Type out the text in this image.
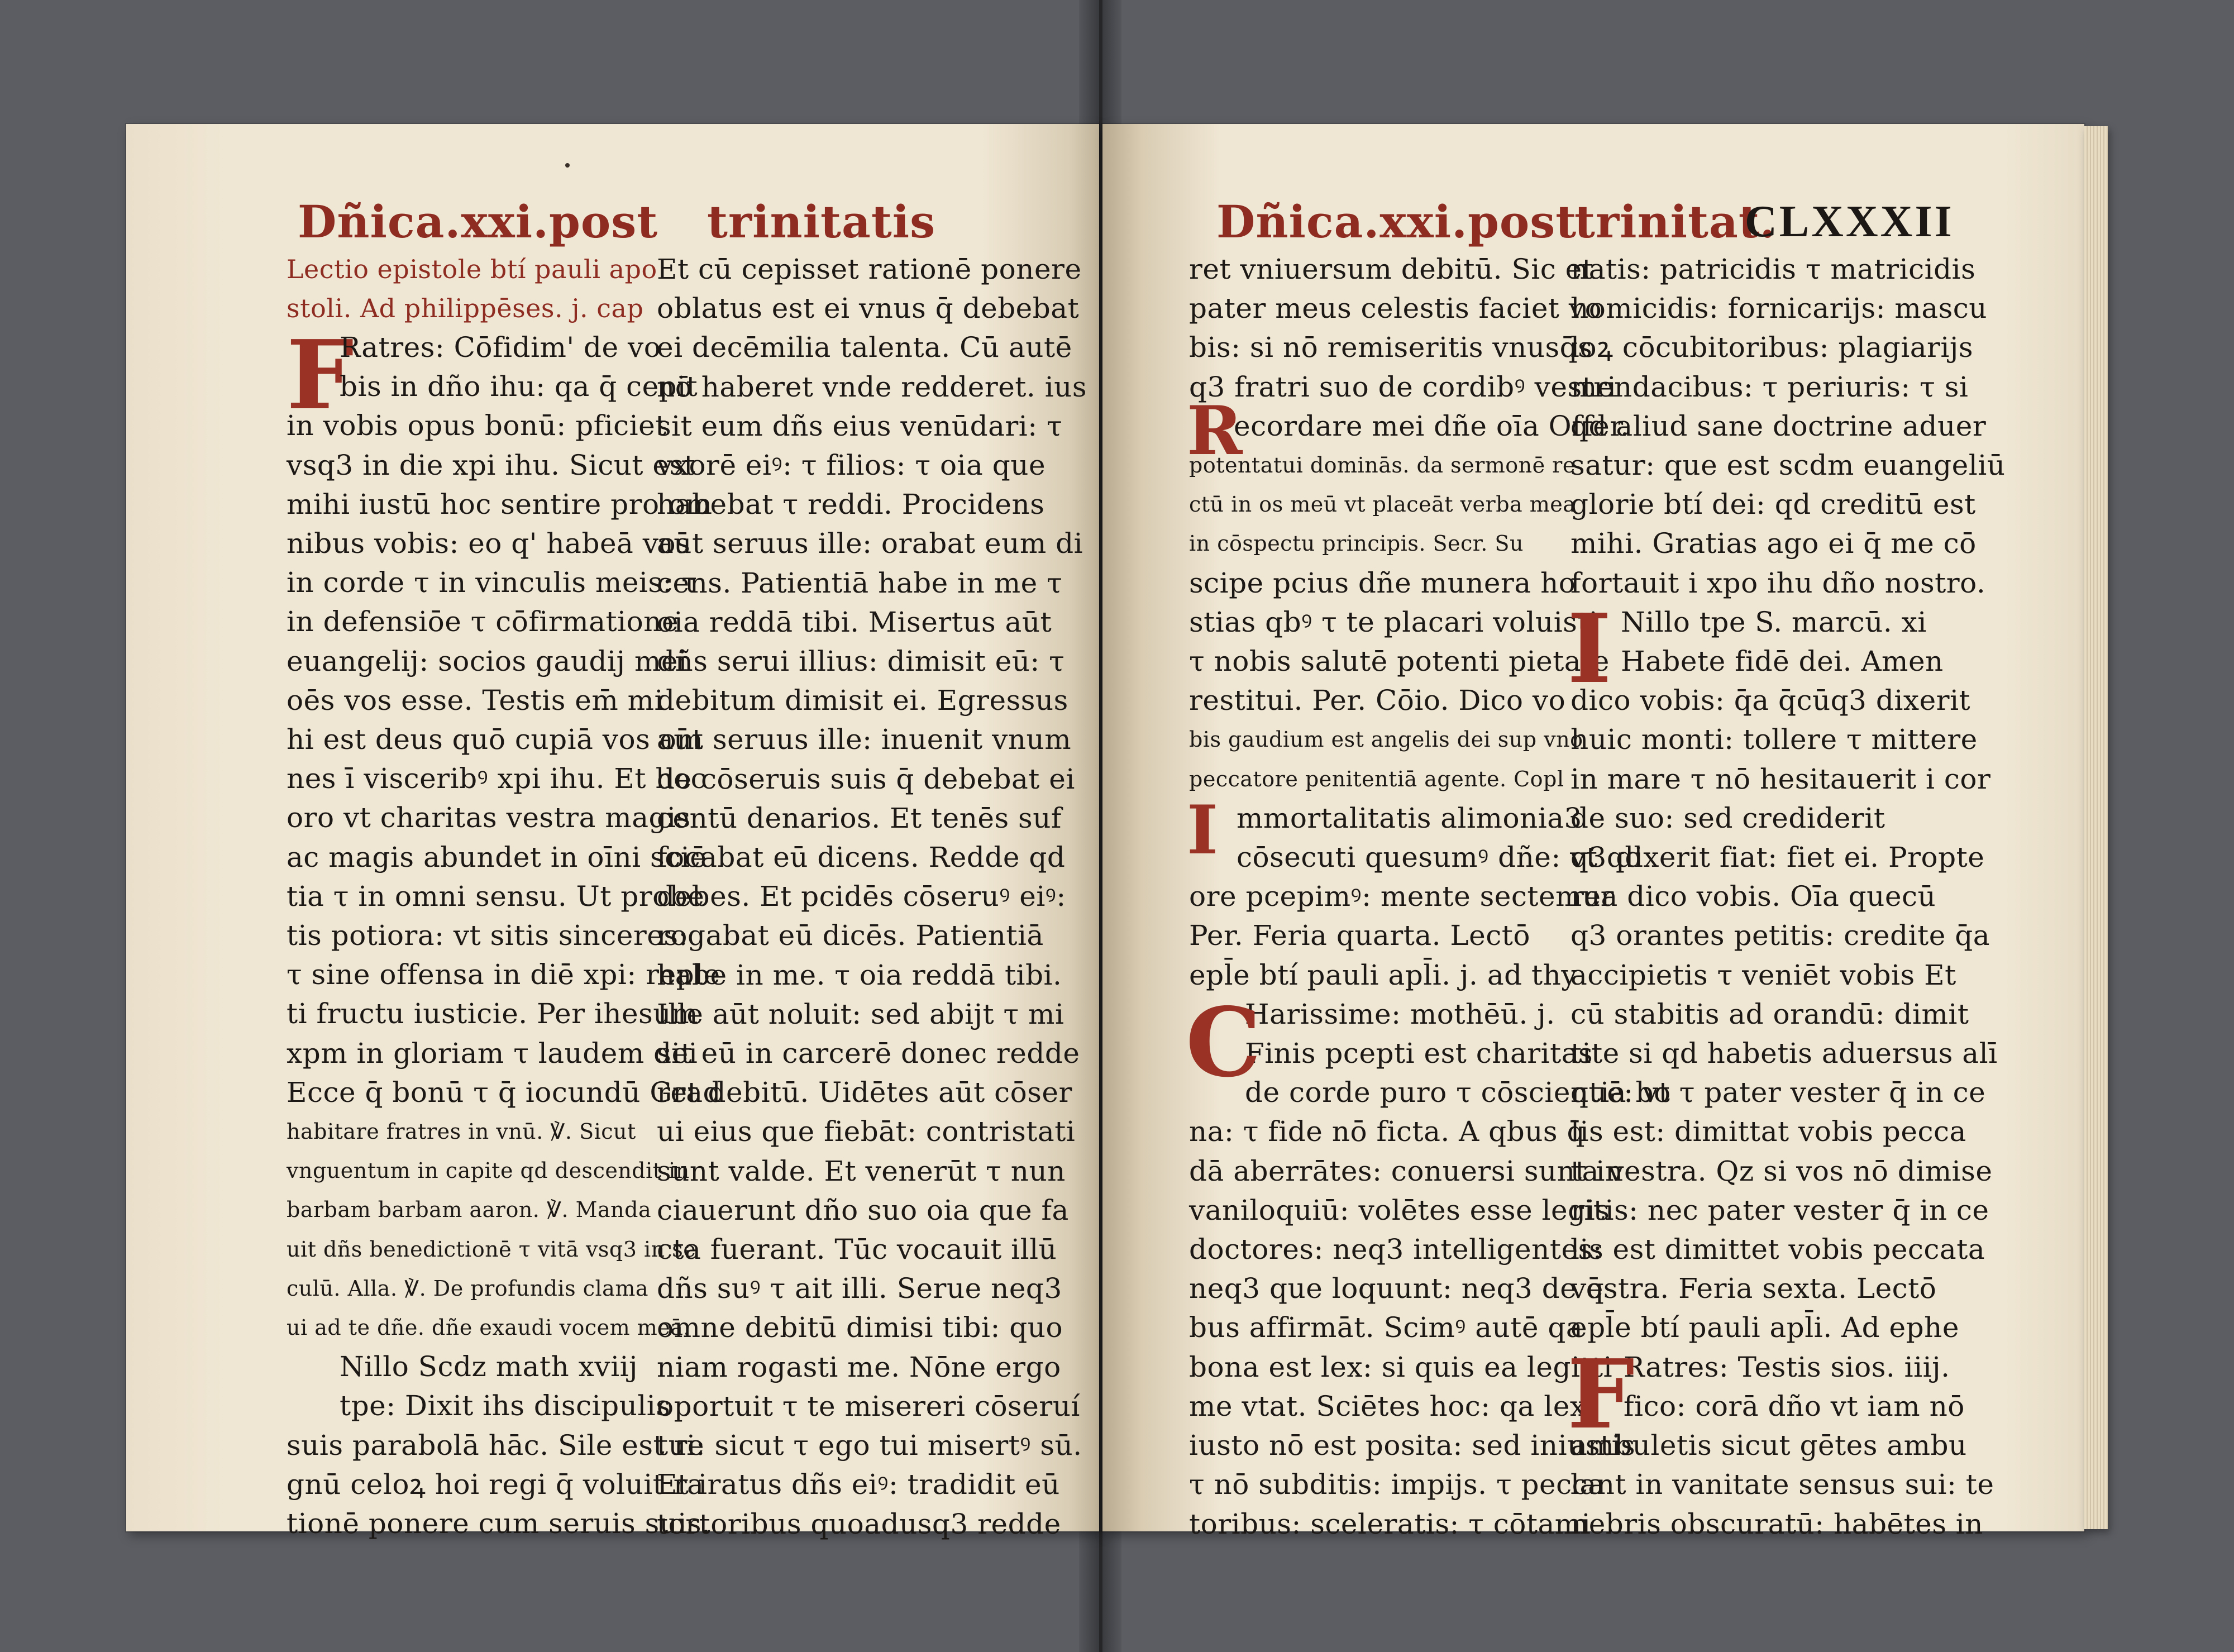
Dñica.xxi.post trinitatis
Lectio epistole btí pauli apo
stoli. Ad philippēses. j. cap
F
Ratres: Cōfidim' de vo
bis in dño ihu: qa q̄ cepit
in vobis opus bonū: pficiet
vsq3 in die xpi ihu. Sicut est
mihi iustū hoc sentire pro om
nibus vobis: eo q' habeā vos
in corde τ in vinculis meis: τ
in defensiōe τ cōfirmatione
euangelij: socios gaudij mei
oēs vos esse. Testis em̄ mi
hi est deus quō cupiā vos om
nes ī visceribꝰ xpi ihu. Et hoc
oro vt charitas vestra magis
ac magis abundet in oīni sciē
tia τ in omni sensu. Ut probe
tis potiora: vt sitis sinceres:
τ sine offensa in diē xpi: reple
ti fructu iusticie. Per ihesum
xpm in gloriam τ laudem dei
Ecce q̄ bonū τ q̄ iocundū Grad
habitare fratres in vnū. ℣. Sicut
vnguentum in capite qd descendit in
barbam barbam aaron. ℣. Manda
uit dñs benedictionē τ vitā vsq3 in se
culū. Alla. ℣. De profundis clama
ui ad te dñe. dñe exaudi vocem meā.
Nillo Scdz math xviij
tpe: Dixit ihs discipulis
suis parabolā hāc. Sile est re
gnū celoꝝ hoi regi q̄ voluit ra
tionē ponere cum seruis suis.
Et cū cepisset rationē ponere
oblatus est ei vnus q̄ debebat
ei decēmilia talenta. Cū autē
nō haberet vnde redderet. ius
sit eum dñs eius venūdari: τ
vxorē eiꝰ: τ filios: τ oia que
habebat τ reddi. Procidens
aūt seruus ille: orabat eum di
cens. Patientiā habe in me τ
oia reddā tibi. Misertus aūt
dñs serui illius: dimisit eū: τ
debitum dimisit ei. Egressus
aūt seruus ille: inuenit vnum
de cōseruis suis q̄ debebat ei
centū denarios. Et tenēs suf
focabat eū dicens. Redde qd
debes. Et pcidēs cōseruꝰ eiꝰ:
rogabat eū dicēs. Patientiā
habe in me. τ oia reddā tibi.
Ille aūt noluit: sed abijt τ mi
sit eū in carcerē donec redde
ret debitū. Uidētes aūt cōser
ui eius que fiebāt: contristati
sunt valde. Et venerūt τ nun
ciauerunt dño suo oia que fa
cta fuerant. Tūc vocauit illū
dñs suꝰ τ ait illi. Serue neq3
omne debitū dimisi tibi: quo
niam rogasti me. Nōne ergo
oportuit τ te misereri cōseruí
tui: sicut τ ego tui misertꝰ sū.
Et iratus dñs eiꝰ: tradidit eū
tortoribus quoadusq3 redde
Dñica.xxi.post
trinitat.
CLXXXII
ret vniuersum debitū. Sic et
pater meus celestis faciet vo
bis: si nō remiseritis vnusq̄s
q3 fratri suo de cordibꝰ vestri
ecordare mei dñe oīa Offer.
potentatui dominās. da sermonē re
ctū in os meū vt placeāt verba mea
in cōspectu principis. Secr. Su
scipe pcius dñe munera ho
stias qbꝰ τ te placari voluisti
τ nobis salutē potenti pietate
restitui. Per. Cōio. Dico vo
bis gaudium est angelis dei sup vno
peccatore penitentiā agente. Copl
mmortalitatis alimonia3
cōsecuti quesumꝰ dñe: vt qd
ore pcepimꝰ: mente sectemur
Per. Feria quarta. Lectō
epl̄e btí pauli apl̄i. j. ad thy
Harissime: mothēū. j.
Finis pcepti est charitas
de corde puro τ cōscientia bo
na: τ fide nō ficta. A qbus q̄
dā aberrātes: conuersi sunt in
vaniloquiū: volētes esse legis
doctores: neq3 intelligentes:
neq3 que loquunt: neq3 de q̄
bus affirmāt. Scimꝰ autē qa
bona est lex: si quis ea legitti
me vtat. Sciētes hoc: qa lex
iusto nō est posita: sed iniustis
τ nō subditis: impijs. τ pecca
toribus: sceleratis: τ cōtami
R
I
C
natis: patricidis τ matricidis
homicidis: fornicarijs: mascu
loꝝ cōcubitoribus: plagiarijs
mendacibus: τ periuris: τ si
qd aliud sane doctrine aduer
satur: que est scdm euangeliū
glorie btí dei: qd creditū est
mihi. Gratias ago ei q̄ me cō
fortauit i xpo ihu dño nostro.
Nillo tpe S. marcū. xi
Habete fidē dei. Amen
dico vobis: q̄a q̄cūq3 dixerit
huic monti: tollere τ mittere
in mare τ nō hesitauerit i cor
de suo: sed crediderit
q3 dixerit fiat: fiet ei. Propte
rea dico vobis. Oīa quecū
q3 orantes petitis: credite q̄a
accipietis τ veniēt vobis Et
cū stabitis ad orandū: dimit
tite si qd habetis aduersus alī
quē: vt τ pater vester q̄ in ce
lis est: dimittat vobis pecca
ta vestra. Qz si vos nō dimise
ritis: nec pater vester q̄ in ce
lis est dimittet vobis peccata
vestra. Feria sexta. Lectō
epl̄e btí pauli apl̄i. Ad ephe
Ratres: Testis sios. iiij.
fico: corā dño vt iam nō
ambuletis sicut gētes ambu
lant in vanitate sensus sui: te
nebris obscuratū: habētes in
I
F
